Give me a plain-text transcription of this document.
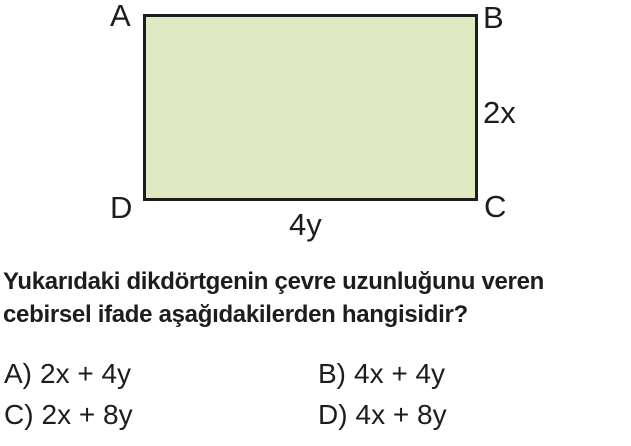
A	B
C
D
2x
4y
Yukarıdaki dikdörtgenin çevre uzunluğunu veren
cebirsel ifade aşağıdakilerden hangisidir?
A) 2x + 4y	B) 4x + 4y
C) 2x + 8y	D) 4x + 8y
